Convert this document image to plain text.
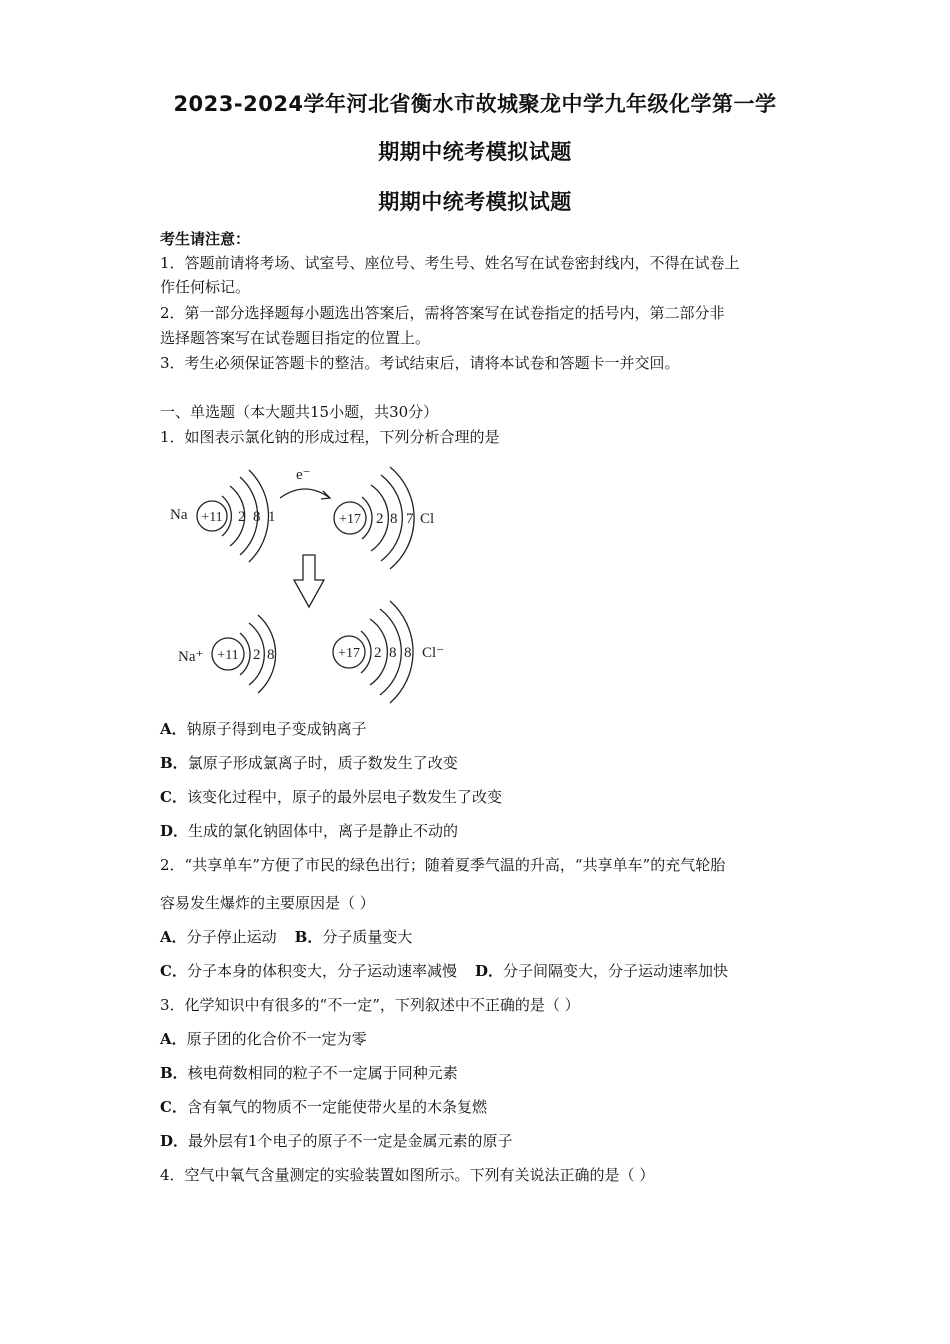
2023-2024学年河北省衡水市故城聚龙中学九年级化学第一学
期期中统考模拟试题
期期中统考模拟试题
考生请注意：
1．答题前请将考场、试室号、座位号、考生号、姓名写在试卷密封线内，不得在试卷上
作任何标记。
2．第一部分选择题每小题选出答案后，需将答案写在试卷指定的括号内，第二部分非
选择题答案写在试卷题目指定的位置上。
3．考生必须保证答题卡的整洁。考试结束后，请将本试卷和答题卡一并交回。
一、单选题（本大题共15小题，共30分）
1．如图表示氯化钠的形成过程，下列分析合理的是
Na +11 2 8 1
e⁻
+17 2 8 7 Cl
Na⁺ +11 2 8	+17 2 8 8 Cl⁻
A．钠原子得到电子变成钠离子
B．氯原子形成氯离子时，质子数发生了改变
C．该变化过程中，原子的最外层电子数发生了改变
D．生成的氯化钠固体中，离子是静止不动的
2．“共享单车”方便了市民的绿色出行；随着夏季气温的升高，“共享单车”的充气轮胎
容易发生爆炸的主要原因是（ ）
A．分子停止运动 B．分子质量变大
C．分子本身的体积变大，分子运动速率减慢 D．分子间隔变大，分子运动速率加快
3．化学知识中有很多的“不一定”，下列叙述中不正确的是（ ）
A．原子团的化合价不一定为零
B．核电荷数相同的粒子不一定属于同种元素
C．含有氧气的物质不一定能使带火星的木条复燃
D．最外层有1个电子的原子不一定是金属元素的原子
4．空气中氧气含量测定的实验装置如图所示。下列有关说法正确的是（ ）
